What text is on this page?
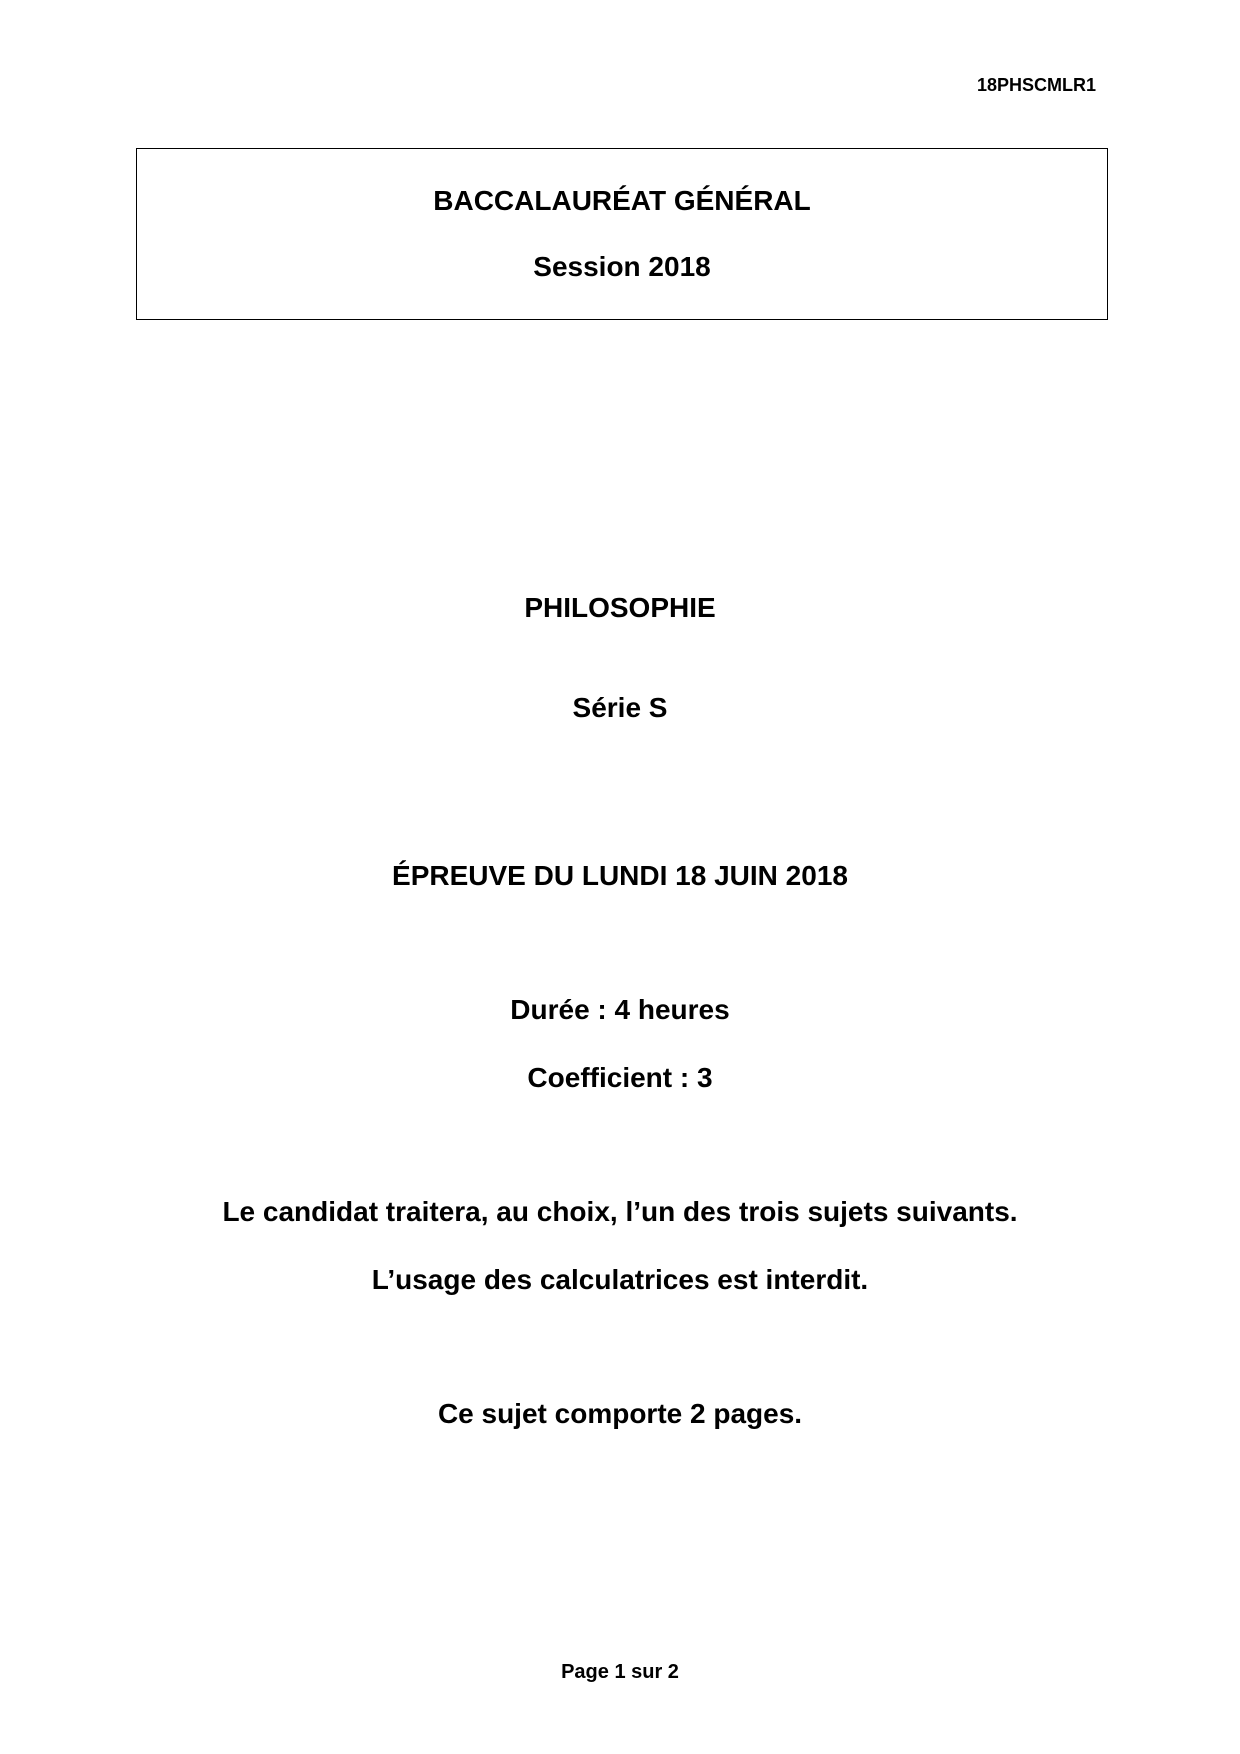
18PHSCMLR1

BACCALAURÉAT GÉNÉRAL

Session 2018

PHILOSOPHIE

Série S

ÉPREUVE DU LUNDI 18 JUIN 2018

Durée : 4 heures

Coefficient : 3

Le candidat traitera, au choix, l’un des trois sujets suivants.

L’usage des calculatrices est interdit.

Ce sujet comporte 2 pages.

Page 1 sur 2
